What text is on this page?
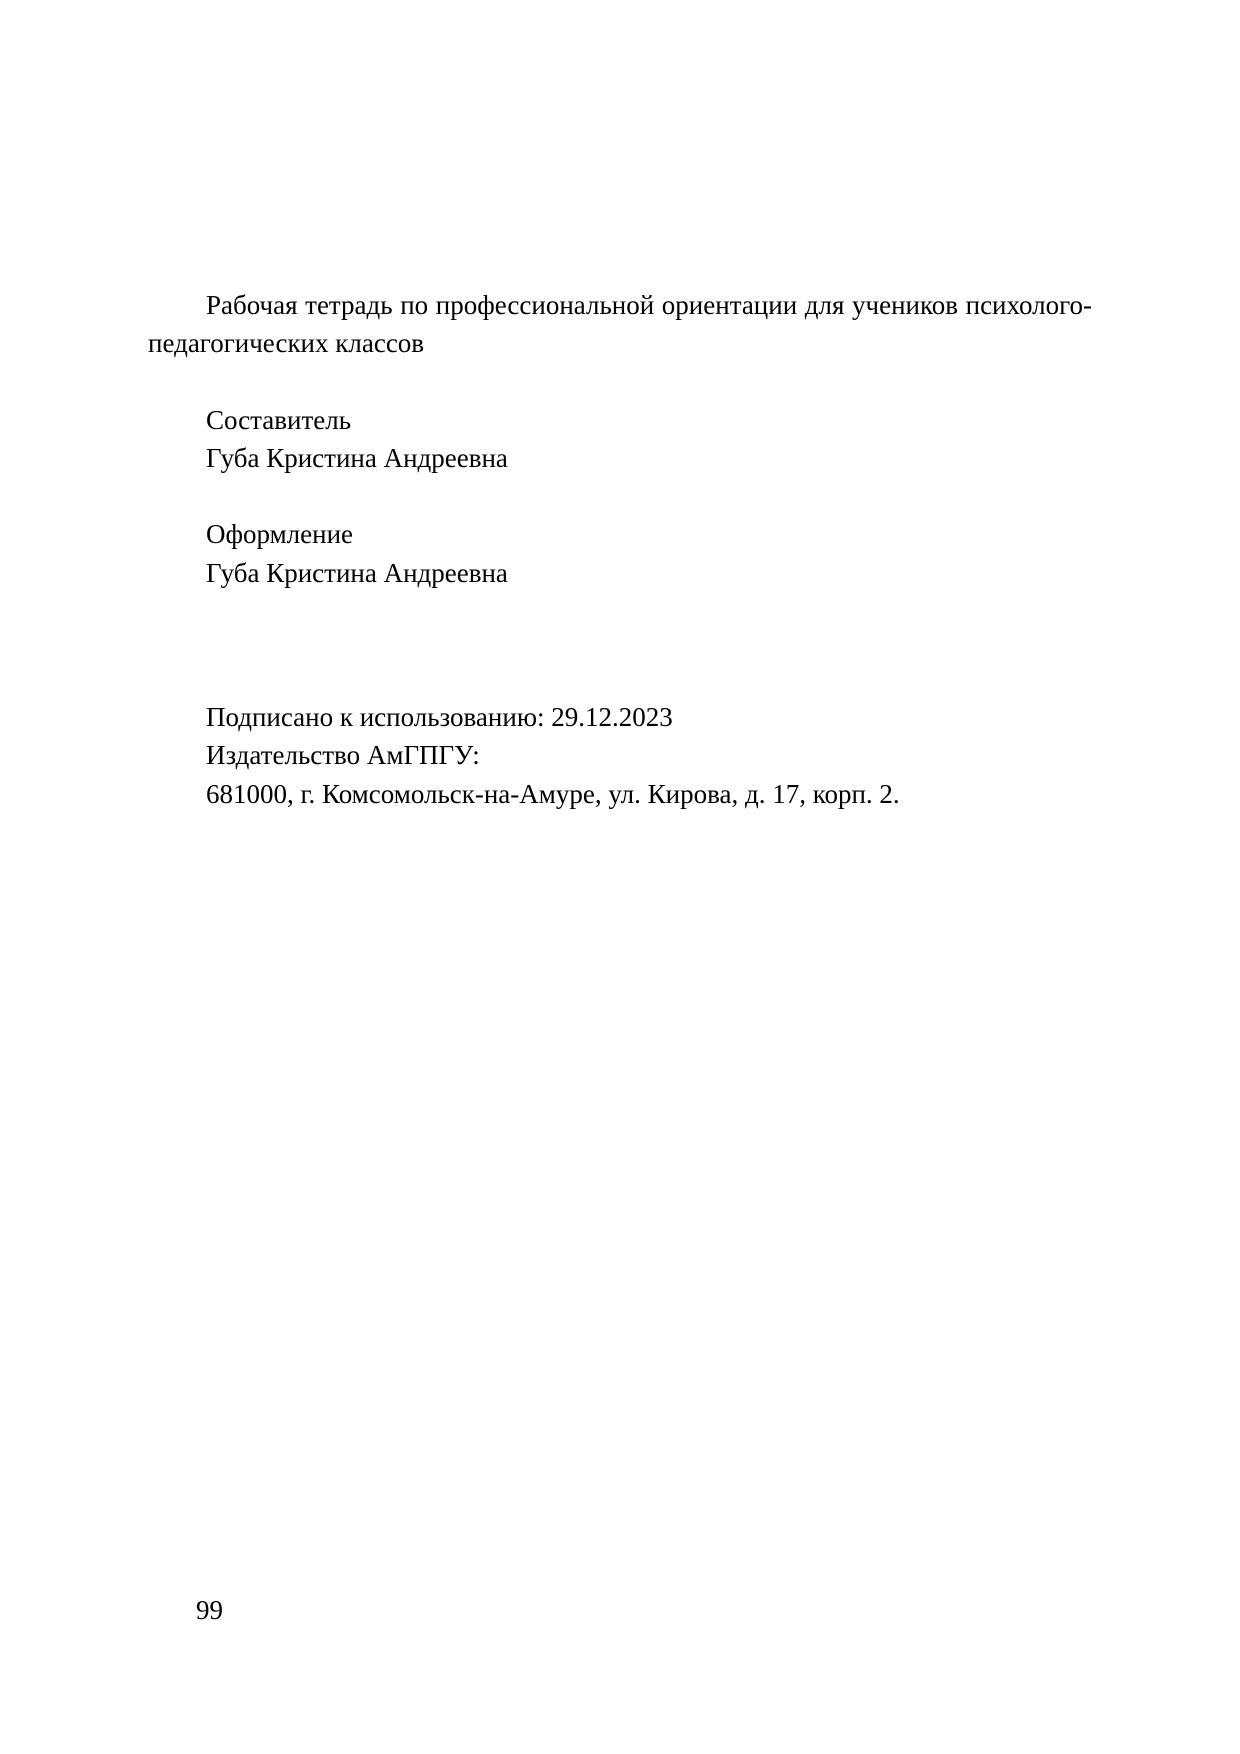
Рабочая тетрадь по профессиональной ориентации для учеников психолого-педагогических классов

Составитель
Губа Кристина Андреевна
Оформление
Губа Кристина Андреевна
Подписано к использованию: 29.12.2023
Издательство АмГПГУ:
681000, г. Комсомольск-на-Амуре, ул. Кирова, д. 17, корп. 2.
99
